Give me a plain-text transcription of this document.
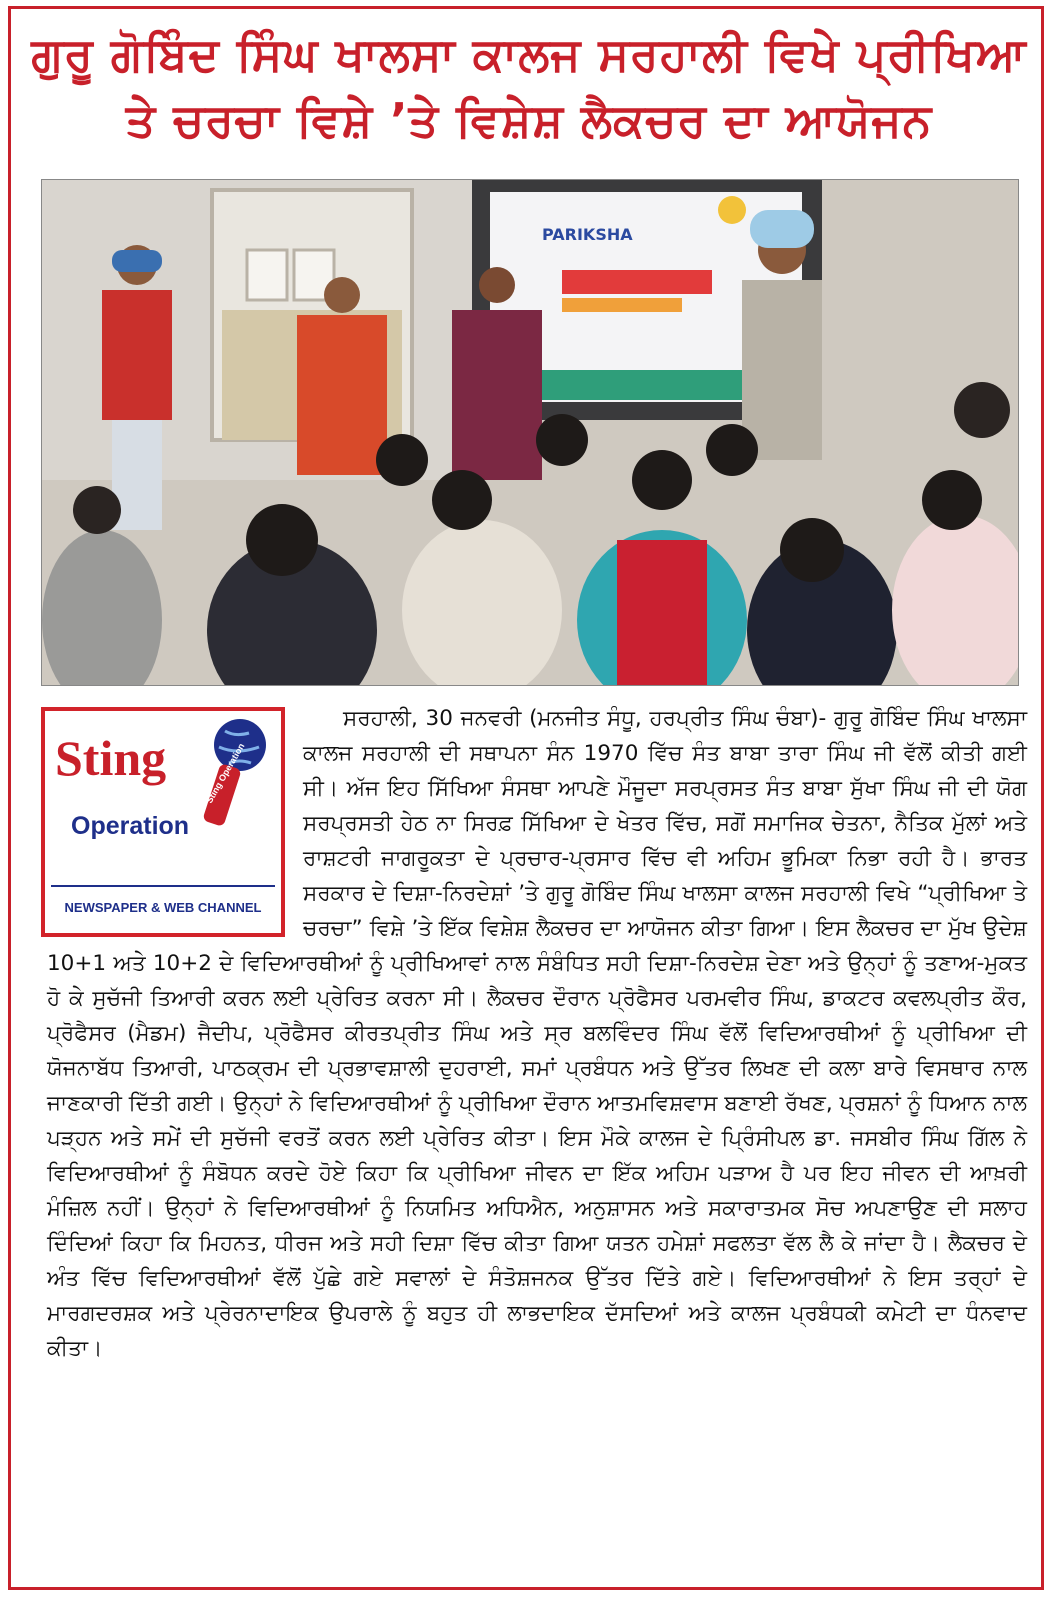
ਗੁਰੂ ਗੋਬਿੰਦ ਸਿੰਘ ਖਾਲਸਾ ਕਾਲਜ ਸਰਹਾਲੀ ਵਿਖੇ ਪ੍ਰੀਖਿਆ
ਤੇ ਚਰਚਾ ਵਿਸ਼ੇ ’ਤੇ ਵਿਸ਼ੇਸ਼ ਲੈਕਚਰ ਦਾ ਆਯੋਜਨ
PARIKSHA
Sting
Operation
Sting Operation
NEWSPAPER & WEB CHANNEL

ਸਰਹਾਲੀ, 30 ਜਨਵਰੀ (ਮਨਜੀਤ ਸੰਧੂ, ਹਰਪ੍ਰੀਤ ਸਿੰਘ ਚੰਬਾ)- ਗੁਰੂ ਗੋਬਿੰਦ ਸਿੰਘ ਖਾਲਸਾ ਕਾਲਜ ਸਰਹਾਲੀ ਦੀ ਸਥਾਪਨਾ ਸੰਨ 1970 ਵਿੱਚ ਸੰਤ ਬਾਬਾ ਤਾਰਾ ਸਿੰਘ ਜੀ ਵੱਲੋਂ ਕੀਤੀ ਗਈ ਸੀ। ਅੱਜ ਇਹ ਸਿੱਖਿਆ ਸੰਸਥਾ ਆਪਣੇ ਮੌਜੂਦਾ ਸਰਪ੍ਰਸਤ ਸੰਤ ਬਾਬਾ ਸੁੱਖਾ ਸਿੰਘ ਜੀ ਦੀ ਯੋਗ ਸਰਪ੍ਰਸਤੀ ਹੇਠ ਨਾ ਸਿਰਫ਼ ਸਿੱਖਿਆ ਦੇ ਖੇਤਰ ਵਿੱਚ, ਸਗੋਂ ਸਮਾਜਿਕ ਚੇਤਨਾ, ਨੈਤਿਕ ਮੁੱਲਾਂ ਅਤੇ ਰਾਸ਼ਟਰੀ ਜਾਗਰੂਕਤਾ ਦੇ ਪ੍ਰਚਾਰ-ਪ੍ਰਸਾਰ ਵਿੱਚ ਵੀ ਅਹਿਮ ਭੂਮਿਕਾ ਨਿਭਾ ਰਹੀ ਹੈ। ਭਾਰਤ ਸਰਕਾਰ ਦੇ ਦਿਸ਼ਾ-ਨਿਰਦੇਸ਼ਾਂ ’ਤੇ ਗੁਰੂ ਗੋਬਿੰਦ ਸਿੰਘ ਖਾਲਸਾ ਕਾਲਜ ਸਰਹਾਲੀ ਵਿਖੇ “ਪ੍ਰੀਖਿਆ ਤੇ ਚਰਚਾ” ਵਿਸ਼ੇ ’ਤੇ ਇੱਕ ਵਿਸ਼ੇਸ਼ ਲੈਕਚਰ ਦਾ ਆਯੋਜਨ ਕੀਤਾ ਗਿਆ। ਇਸ ਲੈਕਚਰ ਦਾ ਮੁੱਖ ਉਦੇਸ਼ 10+1 ਅਤੇ 10+2 ਦੇ ਵਿਦਿਆਰਥੀਆਂ ਨੂੰ ਪ੍ਰੀਖਿਆਵਾਂ ਨਾਲ ਸੰਬੰਧਿਤ ਸਹੀ ਦਿਸ਼ਾ-ਨਿਰਦੇਸ਼ ਦੇਣਾ ਅਤੇ ਉਨ੍ਹਾਂ ਨੂੰ ਤਣਾਅ-ਮੁਕਤ ਹੋ ਕੇ ਸੁਚੱਜੀ ਤਿਆਰੀ ਕਰਨ ਲਈ ਪ੍ਰੇਰਿਤ ਕਰਨਾ ਸੀ। ਲੈਕਚਰ ਦੌਰਾਨ ਪ੍ਰੋਫੈਸਰ ਪਰਮਵੀਰ ਸਿੰਘ, ਡਾਕਟਰ ਕਵਲਪ੍ਰੀਤ ਕੌਰ, ਪ੍ਰੋਫੈਸਰ (ਮੈਡਮ) ਜੈਦੀਪ, ਪ੍ਰੋਫੈਸਰ ਕੀਰਤਪ੍ਰੀਤ ਸਿੰਘ ਅਤੇ ਸ੍ਰ ਬਲਵਿੰਦਰ ਸਿੰਘ ਵੱਲੋਂ ਵਿਦਿਆਰਥੀਆਂ ਨੂੰ ਪ੍ਰੀਖਿਆ ਦੀ ਯੋਜਨਾਬੱਧ ਤਿਆਰੀ, ਪਾਠਕ੍ਰਮ ਦੀ ਪ੍ਰਭਾਵਸ਼ਾਲੀ ਦੁਹਰਾਈ, ਸਮਾਂ ਪ੍ਰਬੰਧਨ ਅਤੇ ਉੱਤਰ ਲਿਖਣ ਦੀ ਕਲਾ ਬਾਰੇ ਵਿਸਥਾਰ ਨਾਲ ਜਾਣਕਾਰੀ ਦਿੱਤੀ ਗਈ। ਉਨ੍ਹਾਂ ਨੇ ਵਿਦਿਆਰਥੀਆਂ ਨੂੰ ਪ੍ਰੀਖਿਆ ਦੌਰਾਨ ਆਤਮਵਿਸ਼ਵਾਸ ਬਣਾਈ ਰੱਖਣ, ਪ੍ਰਸ਼ਨਾਂ ਨੂੰ ਧਿਆਨ ਨਾਲ ਪੜ੍ਹਨ ਅਤੇ ਸਮੇਂ ਦੀ ਸੁਚੱਜੀ ਵਰਤੋਂ ਕਰਨ ਲਈ ਪ੍ਰੇਰਿਤ ਕੀਤਾ। ਇਸ ਮੌਕੇ ਕਾਲਜ ਦੇ ਪ੍ਰਿੰਸੀਪਲ ਡਾ. ਜਸਬੀਰ ਸਿੰਘ ਗਿੱਲ ਨੇ ਵਿਦਿਆਰਥੀਆਂ ਨੂੰ ਸੰਬੋਧਨ ਕਰਦੇ ਹੋਏ ਕਿਹਾ ਕਿ ਪ੍ਰੀਖਿਆ ਜੀਵਨ ਦਾ ਇੱਕ ਅਹਿਮ ਪੜਾਅ ਹੈ ਪਰ ਇਹ ਜੀਵਨ ਦੀ ਆਖ਼ਰੀ ਮੰਜ਼ਿਲ ਨਹੀਂ। ਉਨ੍ਹਾਂ ਨੇ ਵਿਦਿਆਰਥੀਆਂ ਨੂੰ ਨਿਯਮਿਤ ਅਧਿਐਨ, ਅਨੁਸ਼ਾਸਨ ਅਤੇ ਸਕਾਰਾਤਮਕ ਸੋਚ ਅਪਣਾਉਣ ਦੀ ਸਲਾਹ ਦਿੰਦਿਆਂ ਕਿਹਾ ਕਿ ਮਿਹਨਤ, ਧੀਰਜ ਅਤੇ ਸਹੀ ਦਿਸ਼ਾ ਵਿੱਚ ਕੀਤਾ ਗਿਆ ਯਤਨ ਹਮੇਸ਼ਾਂ ਸਫਲਤਾ ਵੱਲ ਲੈ ਕੇ ਜਾਂਦਾ ਹੈ। ਲੈਕਚਰ ਦੇ ਅੰਤ ਵਿੱਚ ਵਿਦਿਆਰਥੀਆਂ ਵੱਲੋਂ ਪੁੱਛੇ ਗਏ ਸਵਾਲਾਂ ਦੇ ਸੰਤੋਸ਼ਜਨਕ ਉੱਤਰ ਦਿੱਤੇ ਗਏ। ਵਿਦਿਆਰਥੀਆਂ ਨੇ ਇਸ ਤਰ੍ਹਾਂ ਦੇ ਮਾਰਗਦਰਸ਼ਕ ਅਤੇ ਪ੍ਰੇਰਨਾਦਾਇਕ ਉਪਰਾਲੇ ਨੂੰ ਬਹੁਤ ਹੀ ਲਾਭਦਾਇਕ ਦੱਸਦਿਆਂ ਅਤੇ ਕਾਲਜ ਪ੍ਰਬੰਧਕੀ ਕਮੇਟੀ ਦਾ ਧੰਨਵਾਦ ਕੀਤਾ।
